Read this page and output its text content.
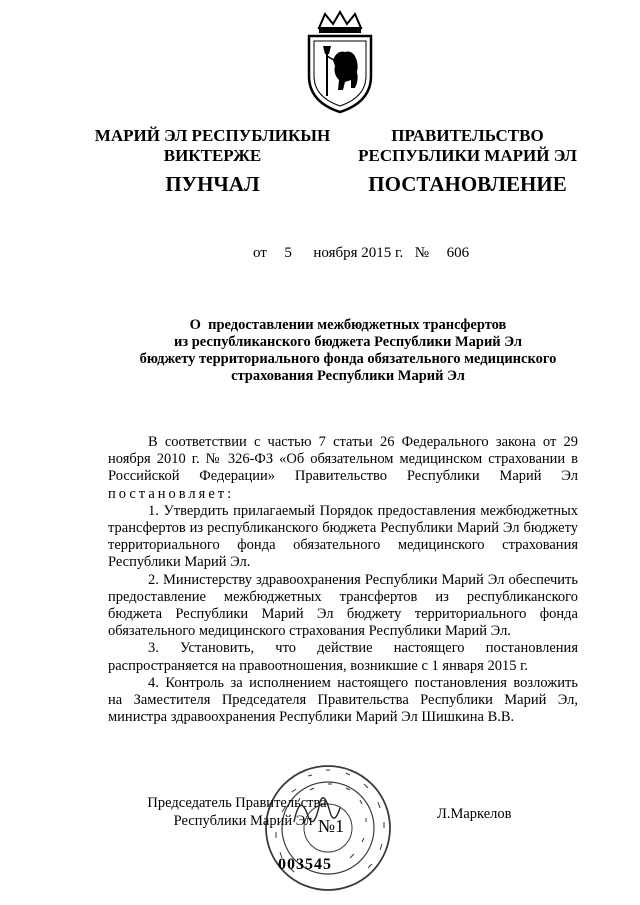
МАРИЙ ЭЛ РЕСПУБЛИКЫН
ВИКТЕРЖЕ
ПРАВИТЕЛЬСТВО
РЕСПУБЛИКИ МАРИЙ ЭЛ
ПУНЧАЛ	ПОСТАНОВЛЕНИЕ
от 5 ноября 2015 г. № 606
О  предоставлении межбюджетных трансфертов
из республиканского бюджета Республики Марий Эл
бюджету территориального фонда обязательного медицинского
страхования Республики Марий Эл

В соответствии с частью 7 статьи 26 Федерального закона от 29 ноября 2010 г. № 326-ФЗ «Об обязательном медицинском страховании в Российской Федерации» Правительство Республики Марий Эл постановляет:

1. Утвердить прилагаемый Порядок предоставления межбюджетных трансфертов из республиканского бюджета Республики Марий Эл бюджету территориального фонда обязательного медицинского страхования Республики Марий Эл.

2. Министерству здравоохранения Республики Марий Эл обеспечить предоставление межбюджетных трансфертов из республиканского бюджета Республики Марий Эл бюджету территориального фонда обязательного медицинского страхования Республики Марий Эл.

3. Установить, что действие настоящего постановления распространяется на правоотношения, возникшие с 1 января 2015 г.

4. Контроль за исполнением настоящего постановления возложить на Заместителя Председателя Правительства Республики Марий Эл, министра здравоохранения Республики Марий Эл Шишкина В.В.

№1
Председатель Правительства
Республики Марий Эл	Л.Маркелов
003545
